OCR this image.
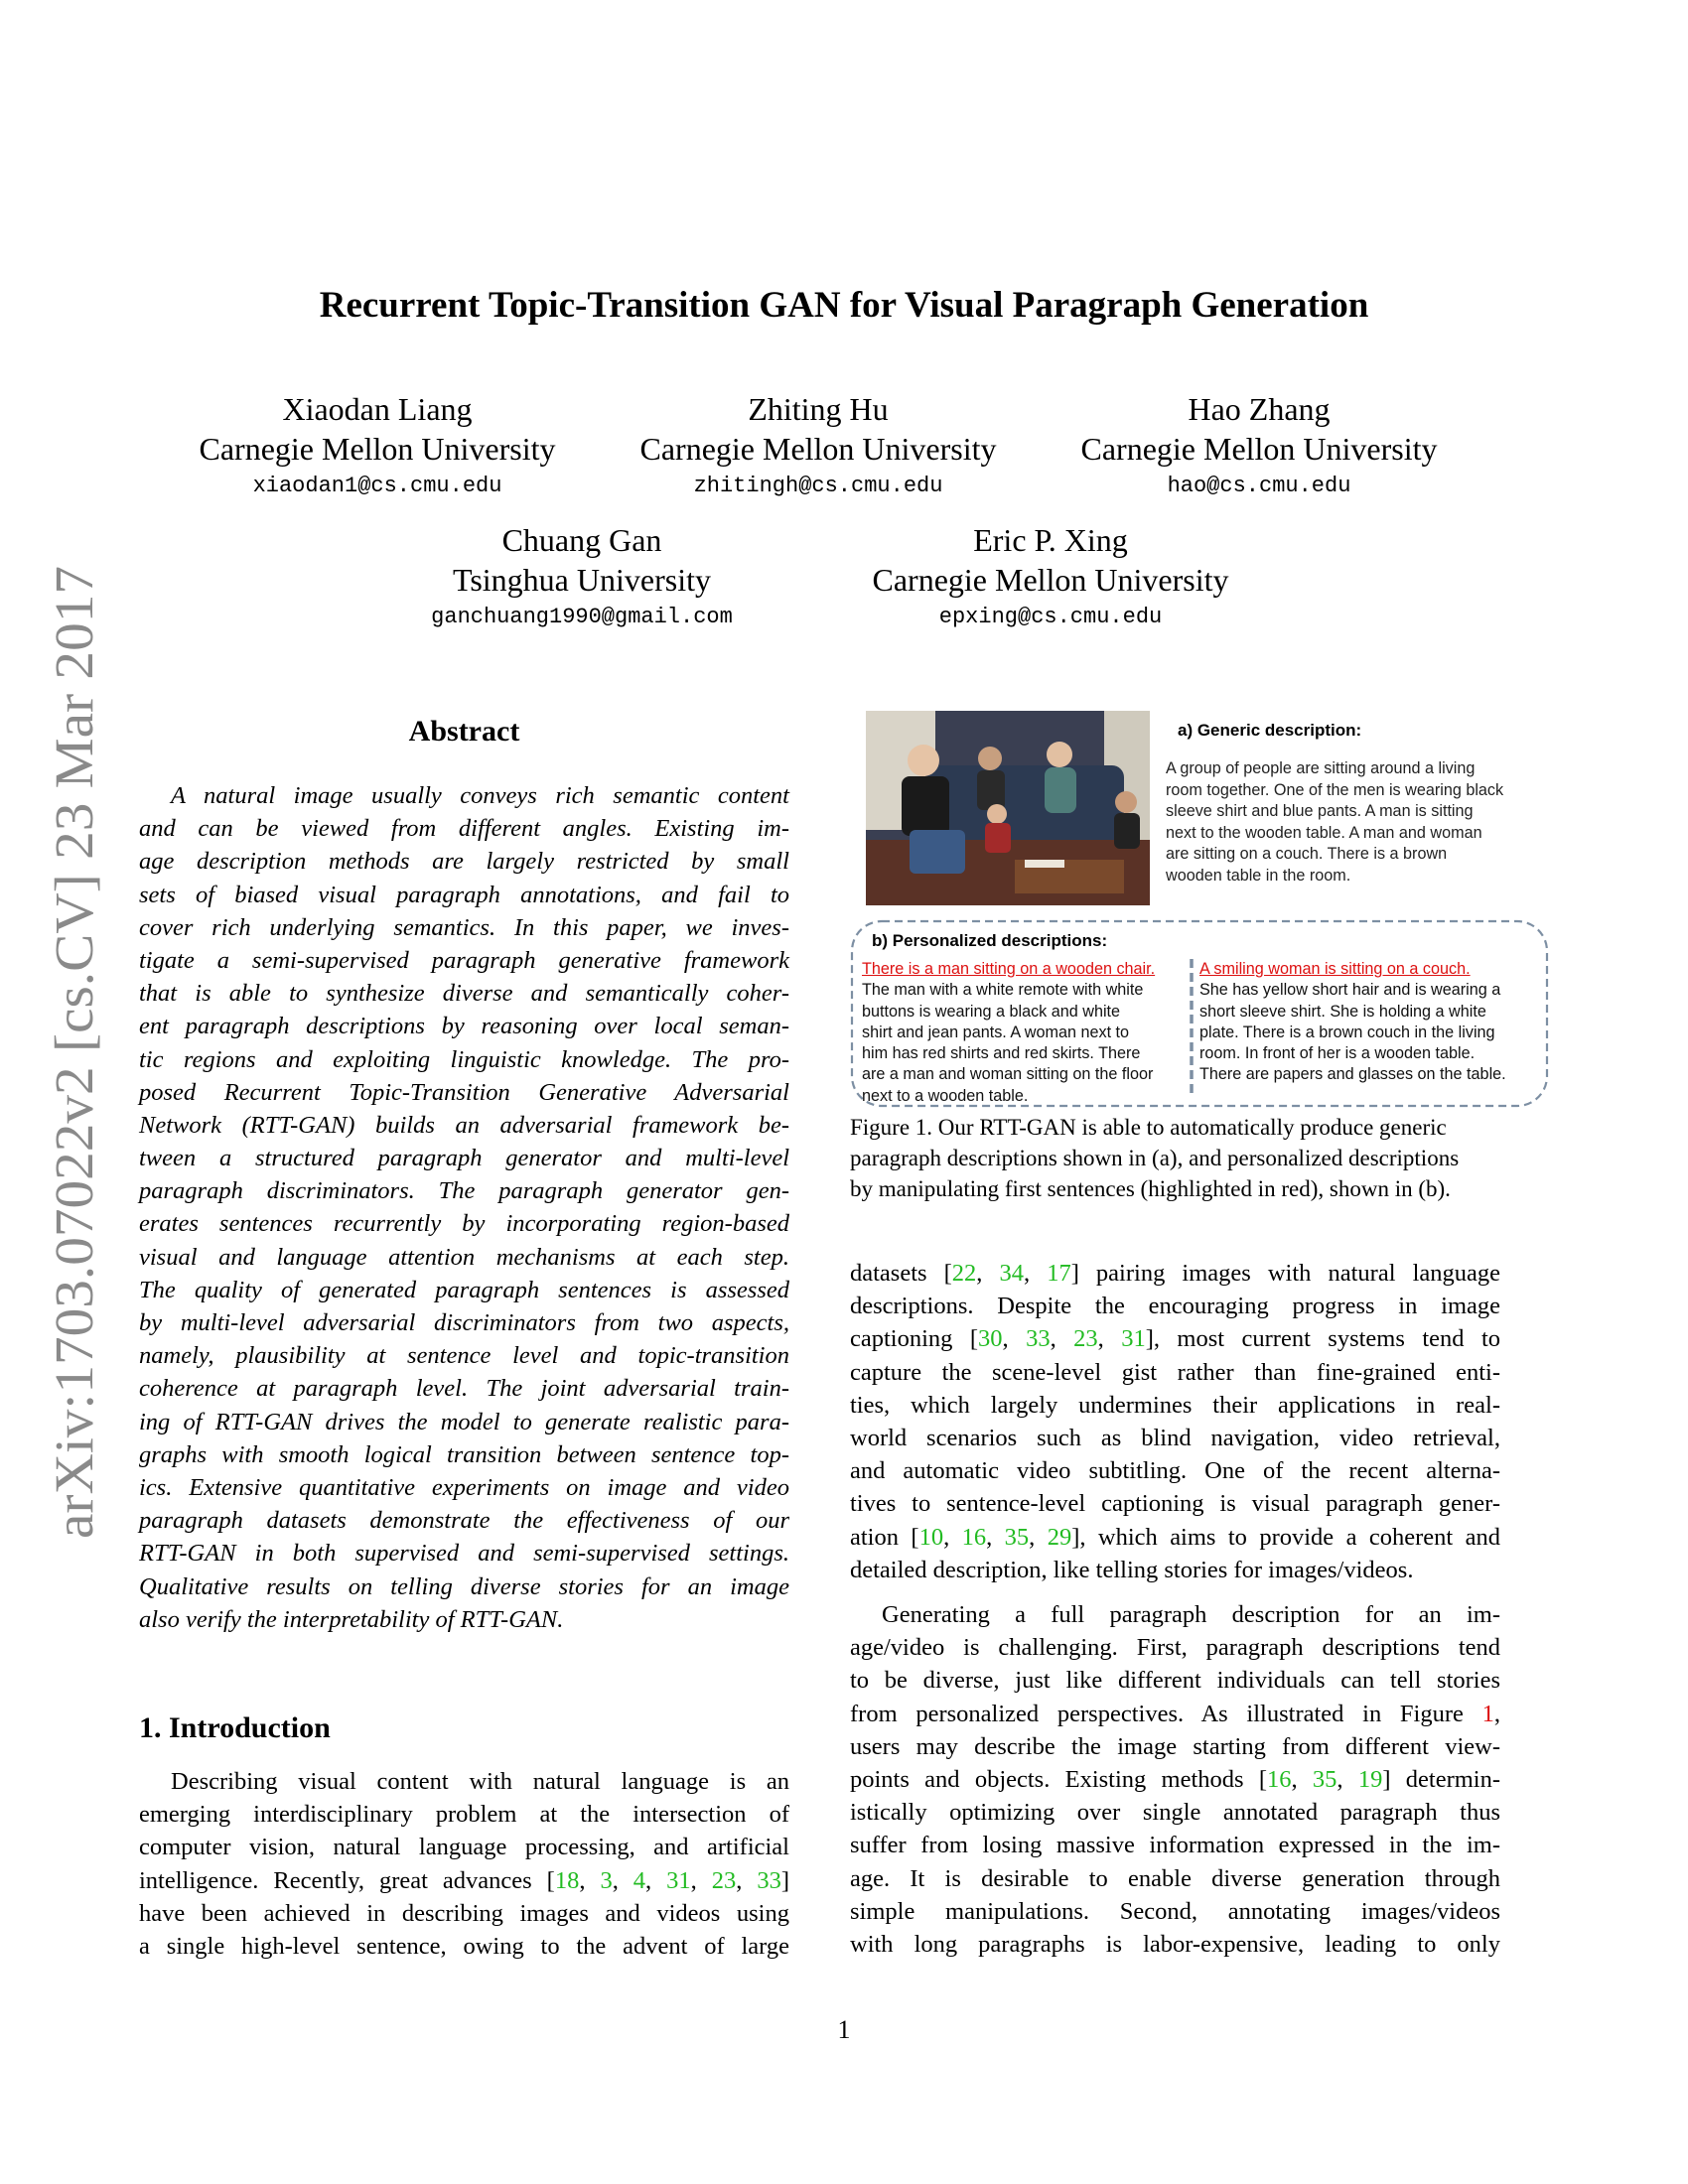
arXiv:1703.07022v2 [cs.CV] 23 Mar 2017
Recurrent Topic-Transition GAN for Visual Paragraph Generation
Xiaodan Liang
Carnegie Mellon University
xiaodan1@cs.cmu.edu
Zhiting Hu
Carnegie Mellon University
zhitingh@cs.cmu.edu
Hao Zhang
Carnegie Mellon University
hao@cs.cmu.edu
Chuang Gan
Tsinghua University
ganchuang1990@gmail.com
Eric P. Xing
Carnegie Mellon University
epxing@cs.cmu.edu
Abstract
A natural image usually conveys rich semantic content
and can be viewed from different angles. Existing im-
age description methods are largely restricted by small
sets of biased visual paragraph annotations, and fail to
cover rich underlying semantics. In this paper, we inves-
tigate a semi-supervised paragraph generative framework
that is able to synthesize diverse and semantically coher-
ent paragraph descriptions by reasoning over local seman-
tic regions and exploiting linguistic knowledge. The pro-
posed Recurrent Topic-Transition Generative Adversarial
Network (RTT-GAN) builds an adversarial framework be-
tween a structured paragraph generator and multi-level
paragraph discriminators. The paragraph generator gen-
erates sentences recurrently by incorporating region-based
visual and language attention mechanisms at each step.
The quality of generated paragraph sentences is assessed
by multi-level adversarial discriminators from two aspects,
namely, plausibility at sentence level and topic-transition
coherence at paragraph level. The joint adversarial train-
ing of RTT-GAN drives the model to generate realistic para-
graphs with smooth logical transition between sentence top-
ics. Extensive quantitative experiments on image and video
paragraph datasets demonstrate the effectiveness of our
RTT-GAN in both supervised and semi-supervised settings.
Qualitative results on telling diverse stories for an image
also verify the interpretability of RTT-GAN.
1. Introduction
Describing visual content with natural language is an
emerging interdisciplinary problem at the intersection of
computer vision, natural language processing, and artificial
intelligence. Recently, great advances [18, 3, 4, 31, 23, 33]
have been achieved in describing images and videos using
a single high-level sentence, owing to the advent of large
a) Generic description:
A group of people are sitting around a living
room together. One of the men is wearing black
sleeve shirt and blue pants. A man is sitting
next to the wooden table. A man and woman
are sitting on a couch. There is a brown
wooden table in the room.
b) Personalized descriptions:
There is a man sitting on a wooden chair.
The man with a white remote with white
buttons is wearing a black and white
shirt and jean pants. A woman next to
him has red shirts and red skirts. There
are a man and woman sitting on the floor
next to a wooden table.
A smiling woman is sitting on a couch.
She has yellow short hair and is wearing a
short sleeve shirt. She is holding a white
plate. There is a brown couch in the living
room. In front of her is a wooden table.
There are papers and glasses on the table.
Figure 1. Our RTT-GAN is able to automatically produce generic
paragraph descriptions shown in (a), and personalized descriptions
by manipulating first sentences (highlighted in red), shown in (b).
datasets [22, 34, 17] pairing images with natural language
descriptions. Despite the encouraging progress in image
captioning [30, 33, 23, 31], most current systems tend to
capture the scene-level gist rather than fine-grained enti-
ties, which largely undermines their applications in real-
world scenarios such as blind navigation, video retrieval,
and automatic video subtitling. One of the recent alterna-
tives to sentence-level captioning is visual paragraph gener-
ation [10, 16, 35, 29], which aims to provide a coherent and
detailed description, like telling stories for images/videos.
Generating a full paragraph description for an im-
age/video is challenging. First, paragraph descriptions tend
to be diverse, just like different individuals can tell stories
from personalized perspectives. As illustrated in Figure 1,
users may describe the image starting from different view-
points and objects. Existing methods [16, 35, 19] determin-
istically optimizing over single annotated paragraph thus
suffer from losing massive information expressed in the im-
age. It is desirable to enable diverse generation through
simple manipulations. Second, annotating images/videos
with long paragraphs is labor-expensive, leading to only
1
